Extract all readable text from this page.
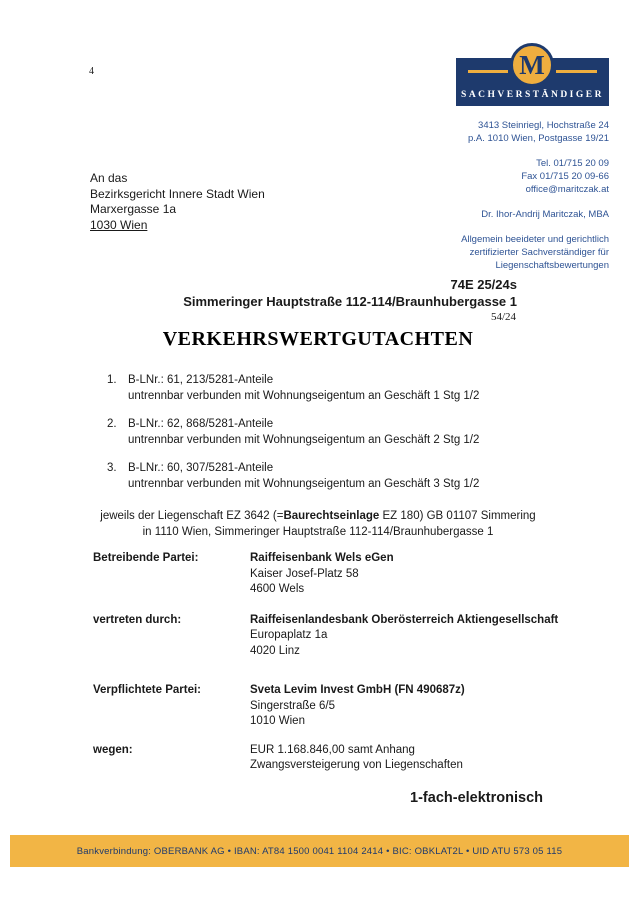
4	M
SACHVERSTÄNDIGER
3413 Steinriegl, Hochstraße 24
p.A. 1010 Wien, Postgasse 19/21
Tel. 01/715 20 09
Fax 01/715 20 09-66
office@maritczak.at
Dr. Ihor-Andrij Maritczak, MBA
Allgemein beeideter und gerichtlich
zertifizierter Sachverständiger für
Liegenschaftsbewertungen
An das
Bezirksgericht Innere Stadt Wien
Marxergasse 1a
1030 Wien
74E 25/24s
Simmeringer Hauptstraße 112-114/Braunhubergasse 1
54/24
VERKEHRSWERTGUTACHTEN
1. B-LNr.: 61, 213/5281-Anteile
untrennbar verbunden mit Wohnungseigentum an Geschäft 1 Stg 1/2
2. B-LNr.: 62, 868/5281-Anteile
untrennbar verbunden mit Wohnungseigentum an Geschäft 2 Stg 1/2
3. B-LNr.: 60, 307/5281-Anteile
untrennbar verbunden mit Wohnungseigentum an Geschäft 3 Stg 1/2
jeweils der Liegenschaft EZ 3642 (=Baurechtseinlage EZ 180) GB 01107 Simmering
in 1110 Wien, Simmeringer Hauptstraße 112-114/Braunhubergasse 1
Betreibende Partei:	Raiffeisenbank Wels eGen
Kaiser Josef-Platz 58
4600 Wels
vertreten durch:	Raiffeisenlandesbank Oberösterreich Aktiengesellschaft
Europaplatz 1a
4020 Linz
Verpflichtete Partei:	Sveta Levim Invest GmbH (FN 490687z)
Singerstraße 6/5
1010 Wien
wegen:	EUR 1.168.846,00 samt Anhang
Zwangsversteigerung von Liegenschaften
1-fach-elektronisch
Bankverbindung: OBERBANK AG • IBAN: AT84 1500 0041 1104 2414 • BIC: OBKLAT2L • UID ATU 573 05 115
